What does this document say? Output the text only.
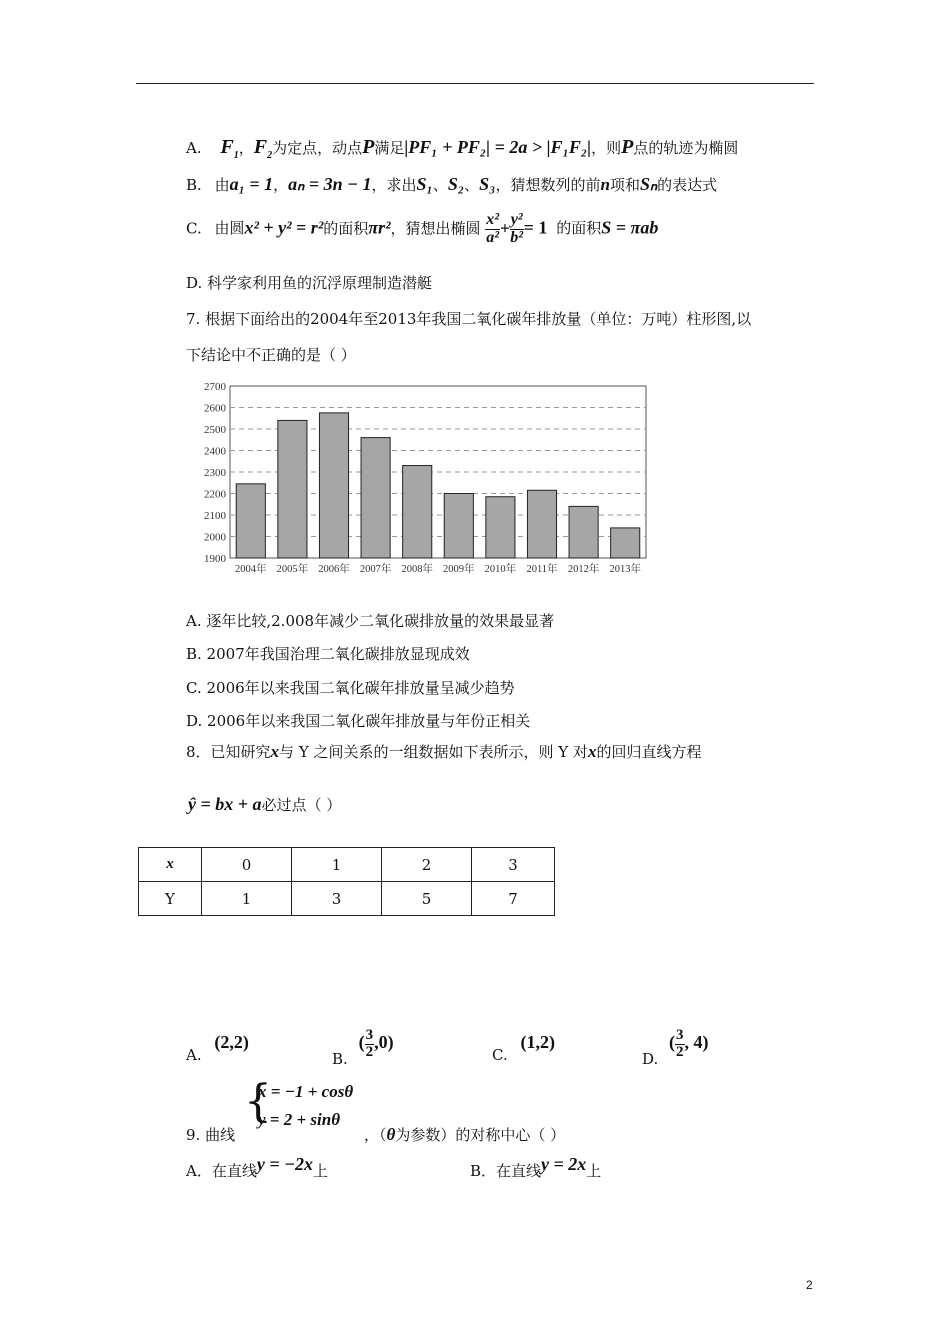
A. $F_1$，$F_2$为定点，动点P满足|PF₁ + PF₂| = 2a > |F₁F₂|，则P点的轨迹为椭圆
B. 由a₁ = 1，aₙ = 3n − 1，求出S₁、S₂、S₃，猜想数列的前n项和Sₙ的表达式
C. 由圆x² + y² = r²的面积πr²，猜想出椭圆 $\frac{\text{x²}}{\text{a²}} + \frac{\text{y²}}{\text{b²}} = 1$ 的面积S = πab
D. 科学家利用鱼的沉浮原理制造潜艇
7. 根据下面给出的2004年至2013年我国二氧化碳年排放量（单位：万吨）柱形图,以
下结论中不正确的是（ ）
1900
2000
2100
2200
2300
2400
2500
2600
2700
2004年 2005年 2006年 2007年 2008年 2009年 2010年 2011年 2012年 2013年
A. 逐年比较,2.008年减少二氧化碳排放量的效果最显著
B. 2007年我国治理二氧化碳排放显现成效
C. 2006年以来我国二氧化碳年排放量呈减少趋势
D. 2006年以来我国二氧化碳年排放量与年份正相关
8．已知研究x与 Y 之间关系的一组数据如下表所示，则 Y 对x的回归直线方程
ŷ = bx + a必过点（ ）
x	0	1	2	3
Y	1	3	5	7
A. (2,2)
B. ( $\frac{3}{2} ,0$)
C. (1,2)
D. ( $\frac{3}{2}$ , 4)
9. 曲线
{
x = −1 + cosθ
y = 2 + sinθ
，（θ为参数）的对称中心（ ）
A．在直线y = −2x上	B．在直线y = 2x上
2
